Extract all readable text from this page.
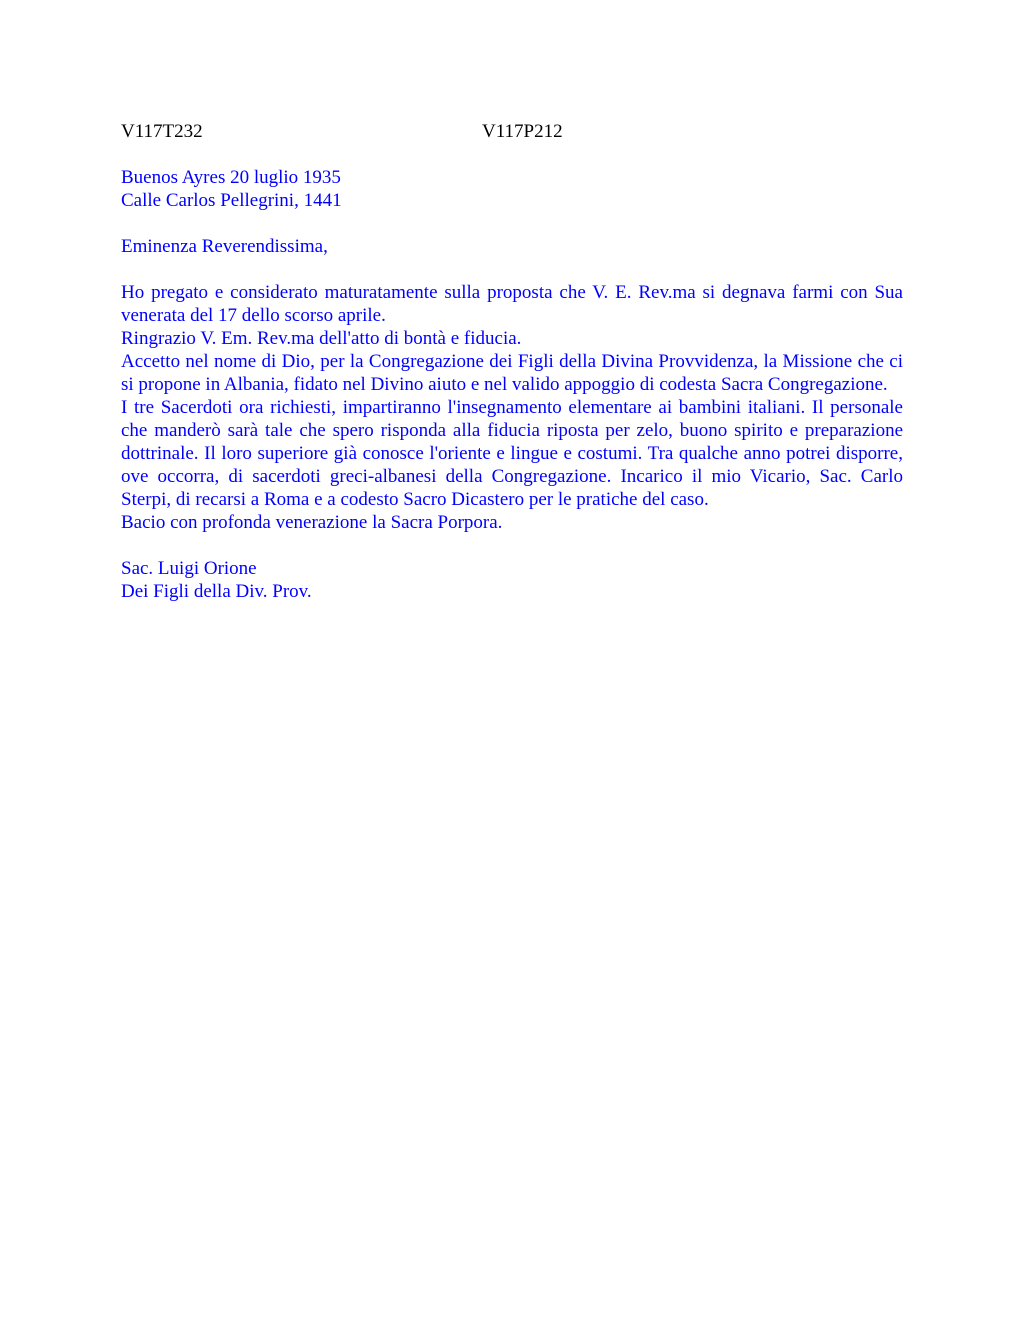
V117T232	V117P212
Buenos Ayres 20 luglio 1935
Calle Carlos Pellegrini, 1441
Eminenza Reverendissima,
Ho pregato e considerato maturatamente sulla proposta che V. E. Rev.ma si degnava farmi con Sua venerata del 17 dello scorso aprile.
Ringrazio V. Em. Rev.ma dell'atto di bontà e fiducia.
Accetto nel nome di Dio, per la Congregazione dei Figli della Divina Provvidenza, la Missione che ci si propone in Albania, fidato nel Divino aiuto e nel valido appoggio di codesta Sacra Congregazione.
I tre Sacerdoti ora richiesti, impartiranno l'insegnamento elementare ai bambini italiani. Il personale che manderò sarà tale che spero risponda alla fiducia riposta per zelo, buono spirito e preparazione dottrinale. Il loro superiore già conosce l'oriente e lingue e costumi. Tra qualche anno potrei disporre, ove occorra, di sacerdoti greci-albanesi della Congregazione. Incarico il mio Vicario, Sac. Carlo Sterpi, di recarsi a Roma e a codesto Sacro Dicastero per le pratiche del caso.
Bacio con profonda venerazione la Sacra Porpora.
Sac. Luigi Orione
Dei Figli della Div. Prov.
